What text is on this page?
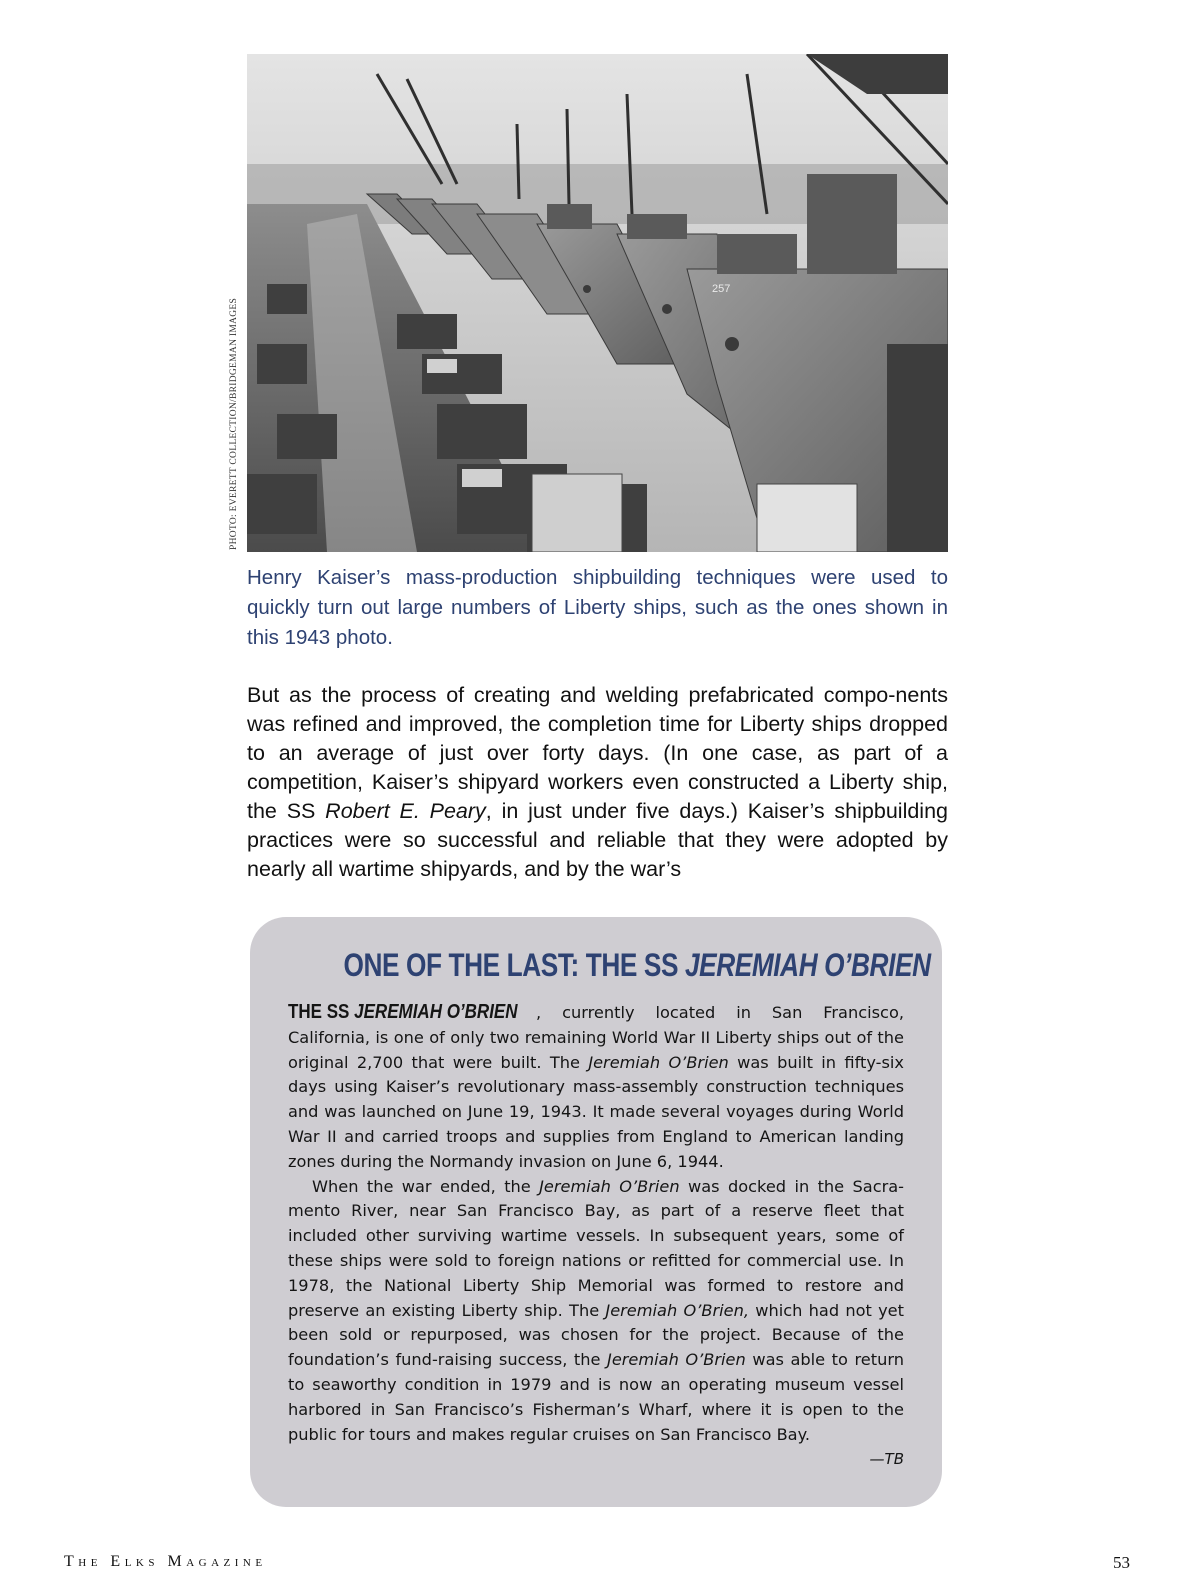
PHOTO: EVERETT COLLECTION/BRIDGEMAN IMAGES
257
Henry Kaiser’s mass-production shipbuilding techniques were used to quickly turn out large numbers of Liberty ships, such as the ones shown in this 1943 photo.

But as the process of creating and welding prefabricated compo-nents was refined and improved, the completion time for Liberty ships dropped to an average of just over forty days. (In one case, as part of a competition, Kaiser’s shipyard workers even constructed a Liberty ship, the SS Robert E. Peary, in just under five days.) Kaiser’s shipbuilding practices were so successful and reliable that they were adopted by nearly all wartime shipyards, and by the war’s

ONE OF THE LAST: THE SS JEREMIAH O’BRIEN

THE SS JEREMIAH O’BRIEN , currently located in San Francisco, California, is one of only two remaining World War II Liberty ships out of the original 2,700 that were built. The Jeremiah O’Brien was built in fifty-six days using Kaiser’s revolutionary mass-assembly construction techniques and was launched on June 19, 1943. It made several voyages during World War II and carried troops and supplies from England to American landing zones during the Normandy invasion on June 6, 1944.

When the war ended, the Jeremiah O’Brien was docked in the Sacra-mento River, near San Francisco Bay, as part of a reserve fleet that included other surviving wartime vessels. In subsequent years, some of these ships were sold to foreign nations or refitted for commercial use. In 1978, the National Liberty Ship Memorial was formed to restore and preserve an existing Liberty ship. The Jeremiah O’Brien, which had not yet been sold or repurposed, was chosen for the project. Because of the foundation’s fund-raising success, the Jeremiah O’Brien was able to return to seaworthy condition in 1979 and is now an operating museum vessel harbored in San Francisco’s Fisherman’s Wharf, where it is open to the public for tours and makes regular cruises on San Francisco Bay.

—TB
The Elks Magazine	53
